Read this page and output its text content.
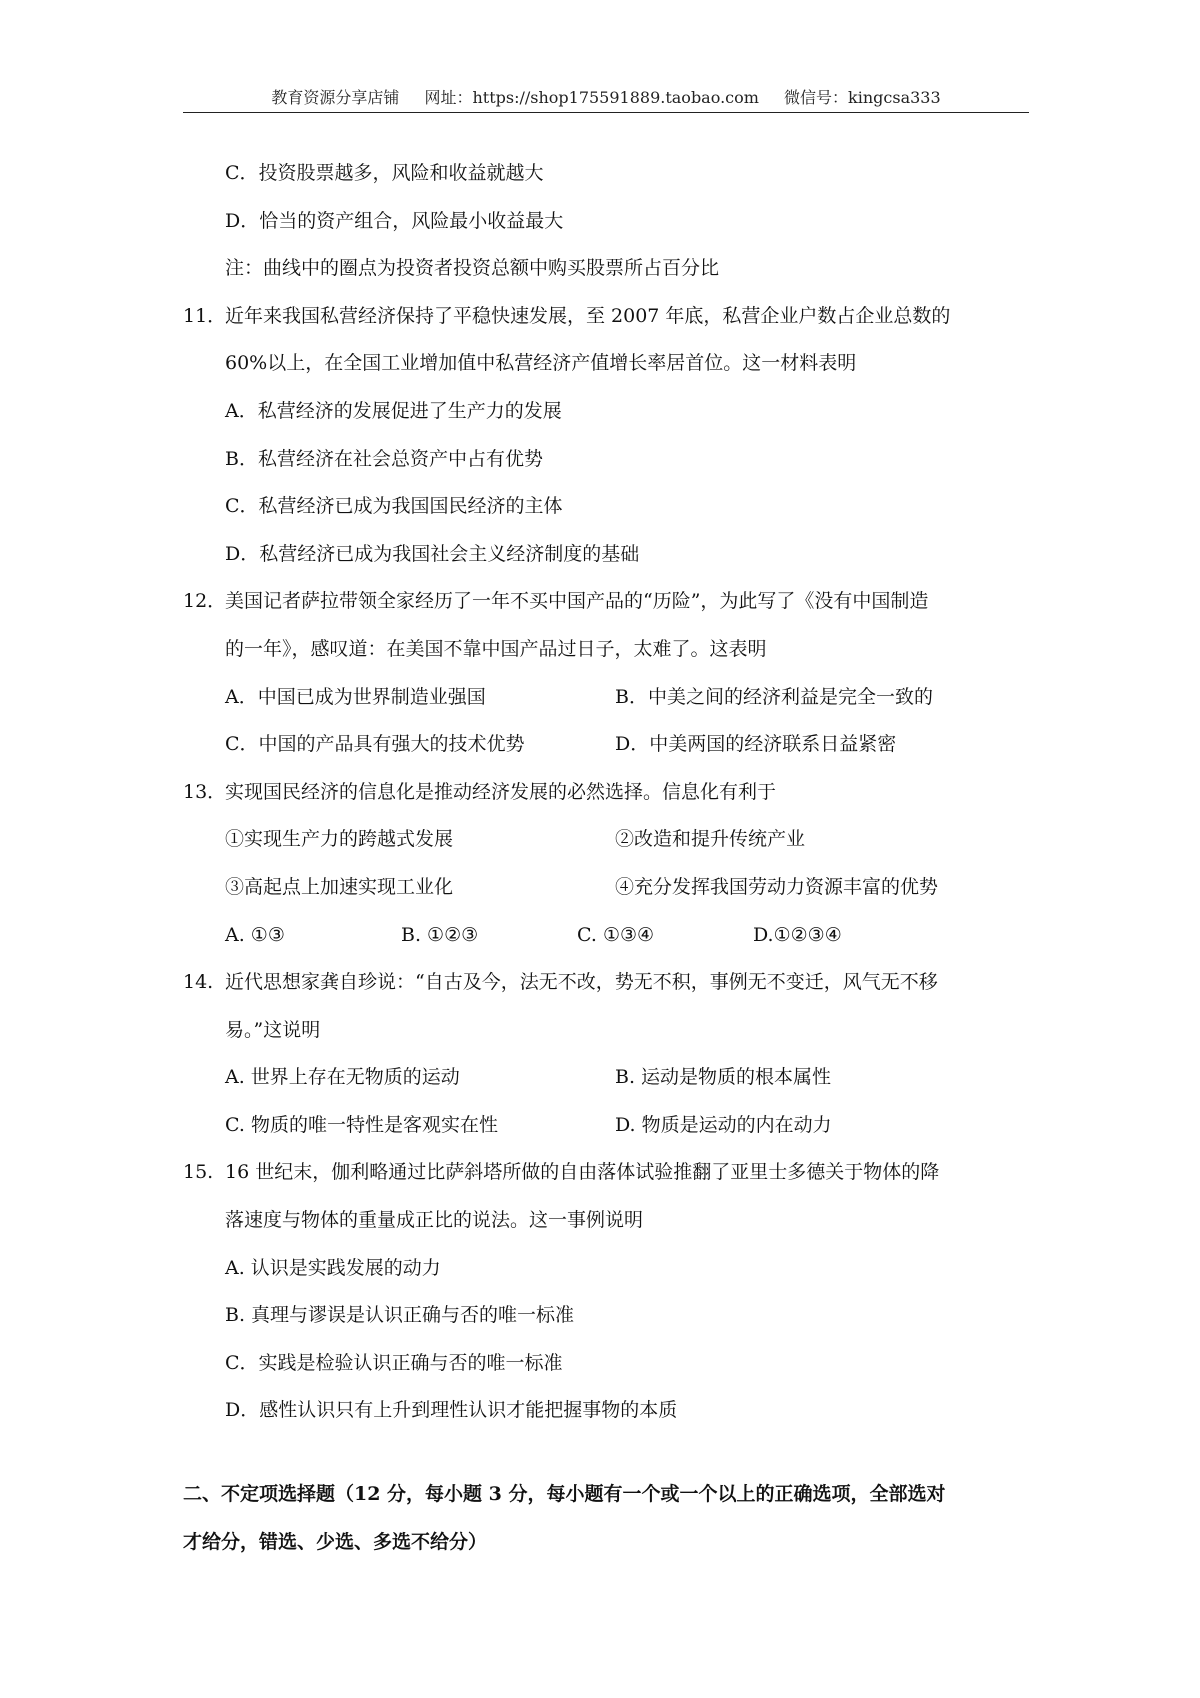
教育资源分享店铺 网址：https://shop175591889.taobao.com 微信号：kingcsa333
C．投资股票越多，风险和收益就越大
D．恰当的资产组合，风险最小收益最大
注：曲线中的圈点为投资者投资总额中购买股票所占百分比
11．近年来我国私营经济保持了平稳快速发展，至 2007 年底，私营企业户数占企业总数的
60%以上，在全国工业增加值中私营经济产值增长率居首位。这一材料表明
A．私营经济的发展促进了生产力的发展
B．私营经济在社会总资产中占有优势
C．私营经济已成为我国国民经济的主体
D．私营经济已成为我国社会主义经济制度的基础
12．美国记者萨拉带领全家经历了一年不买中国产品的“历险”，为此写了《没有中国制造
的一年》，感叹道：在美国不靠中国产品过日子，太难了。这表明
A．中国已成为世界制造业强国	B．中美之间的经济利益是完全一致的
C．中国的产品具有强大的技术优势	D．中美两国的经济联系日益紧密
13．实现国民经济的信息化是推动经济发展的必然选择。信息化有利于
①实现生产力的跨越式发展	②改造和提升传统产业
③高起点上加速实现工业化	④充分发挥我国劳动力资源丰富的优势
A. ①③	B. ①②③	C. ①③④	D.①②③④
14. 近代思想家龚自珍说：“自古及今，法无不改，势无不积，事例无不变迁，风气无不移
易。”这说明
A. 世界上存在无物质的运动	B. 运动是物质的根本属性
C. 物质的唯一特性是客观实在性	D. 物质是运动的内在动力
15. 16 世纪末，伽利略通过比萨斜塔所做的自由落体试验推翻了亚里士多德关于物体的降
落速度与物体的重量成正比的说法。这一事例说明
A. 认识是实践发展的动力
B. 真理与谬误是认识正确与否的唯一标准
C．实践是检验认识正确与否的唯一标准
D．感性认识只有上升到理性认识才能把握事物的本质
二、不定项选择题（12 分，每小题 3 分，每小题有一个或一个以上的正确选项，全部选对
才给分，错选、少选、多选不给分）
